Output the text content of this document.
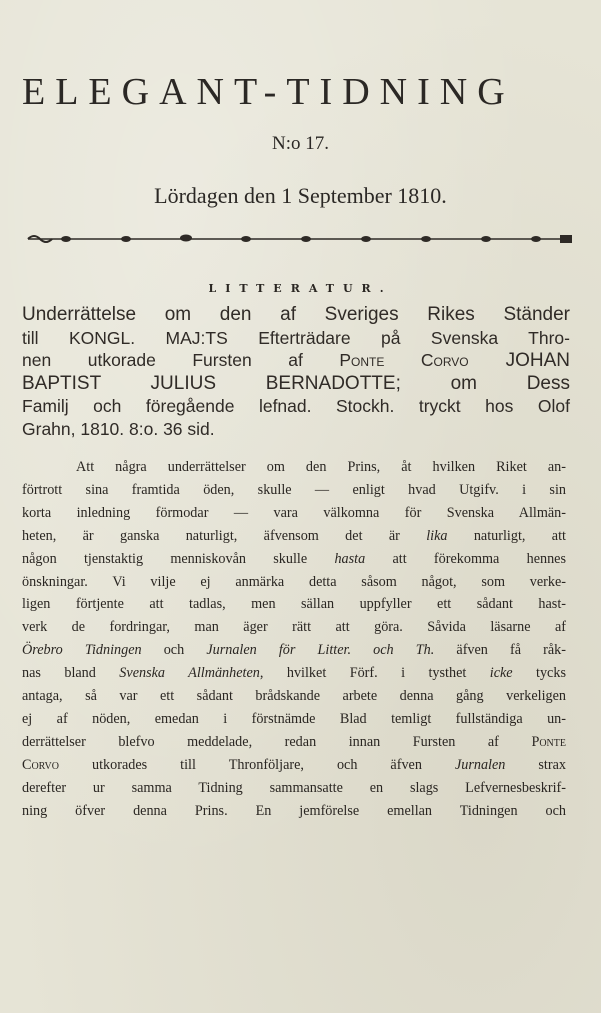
ELEGANT-TIDNING
N:o 17.
Lördagen den 1 September 1810.
LITTERATUR.
Underrättelse om den af Sveriges Rikes Ständer
till KONGL. MAJ:TS Efterträdare på Svenska Thro-
nen utkorade Fursten af Ponte Corvo JOHAN
BAPTIST JULIUS BERNADOTTE; om Dess
Familj och föregående lefnad. Stockh. tryckt hos Olof
Grahn, 1810. 8:o. 36 sid.
Att några underrättelser om den Prins, åt hvilken Riket an-
förtrott sina framtida öden, skulle — enligt hvad Utgifv. i sin
korta inledning förmodar — vara välkomna för Svenska Allmän-
heten, är ganska naturligt, äfvensom det är lika naturligt, att
någon tjenstaktig menniskovån skulle hasta att förekomma hennes
önskningar. Vi vilje ej anmärka detta såsom något, som verke-
ligen förtjente att tadlas, men sällan uppfyller ett sådant hast-
verk de fordringar, man äger rätt att göra. Såvida läsarne af
Örebro Tidningen och Jurnalen för Litter. och Th. äfven få råk-
nas bland Svenska Allmänheten, hvilket Förf. i tysthet icke tycks
antaga, så var ett sådant brådskande arbete denna gång verkeligen
ej af nöden, emedan i förstnämde Blad temligt fullständiga un-
derrättelser blefvo meddelade, redan innan Fursten af Ponte
Corvo utkorades till Thronföljare, och äfven Jurnalen strax
derefter ur samma Tidning sammansatte en slags Lefvernesbeskrif-
ning öfver denna Prins. En jemförelse emellan Tidningen och
